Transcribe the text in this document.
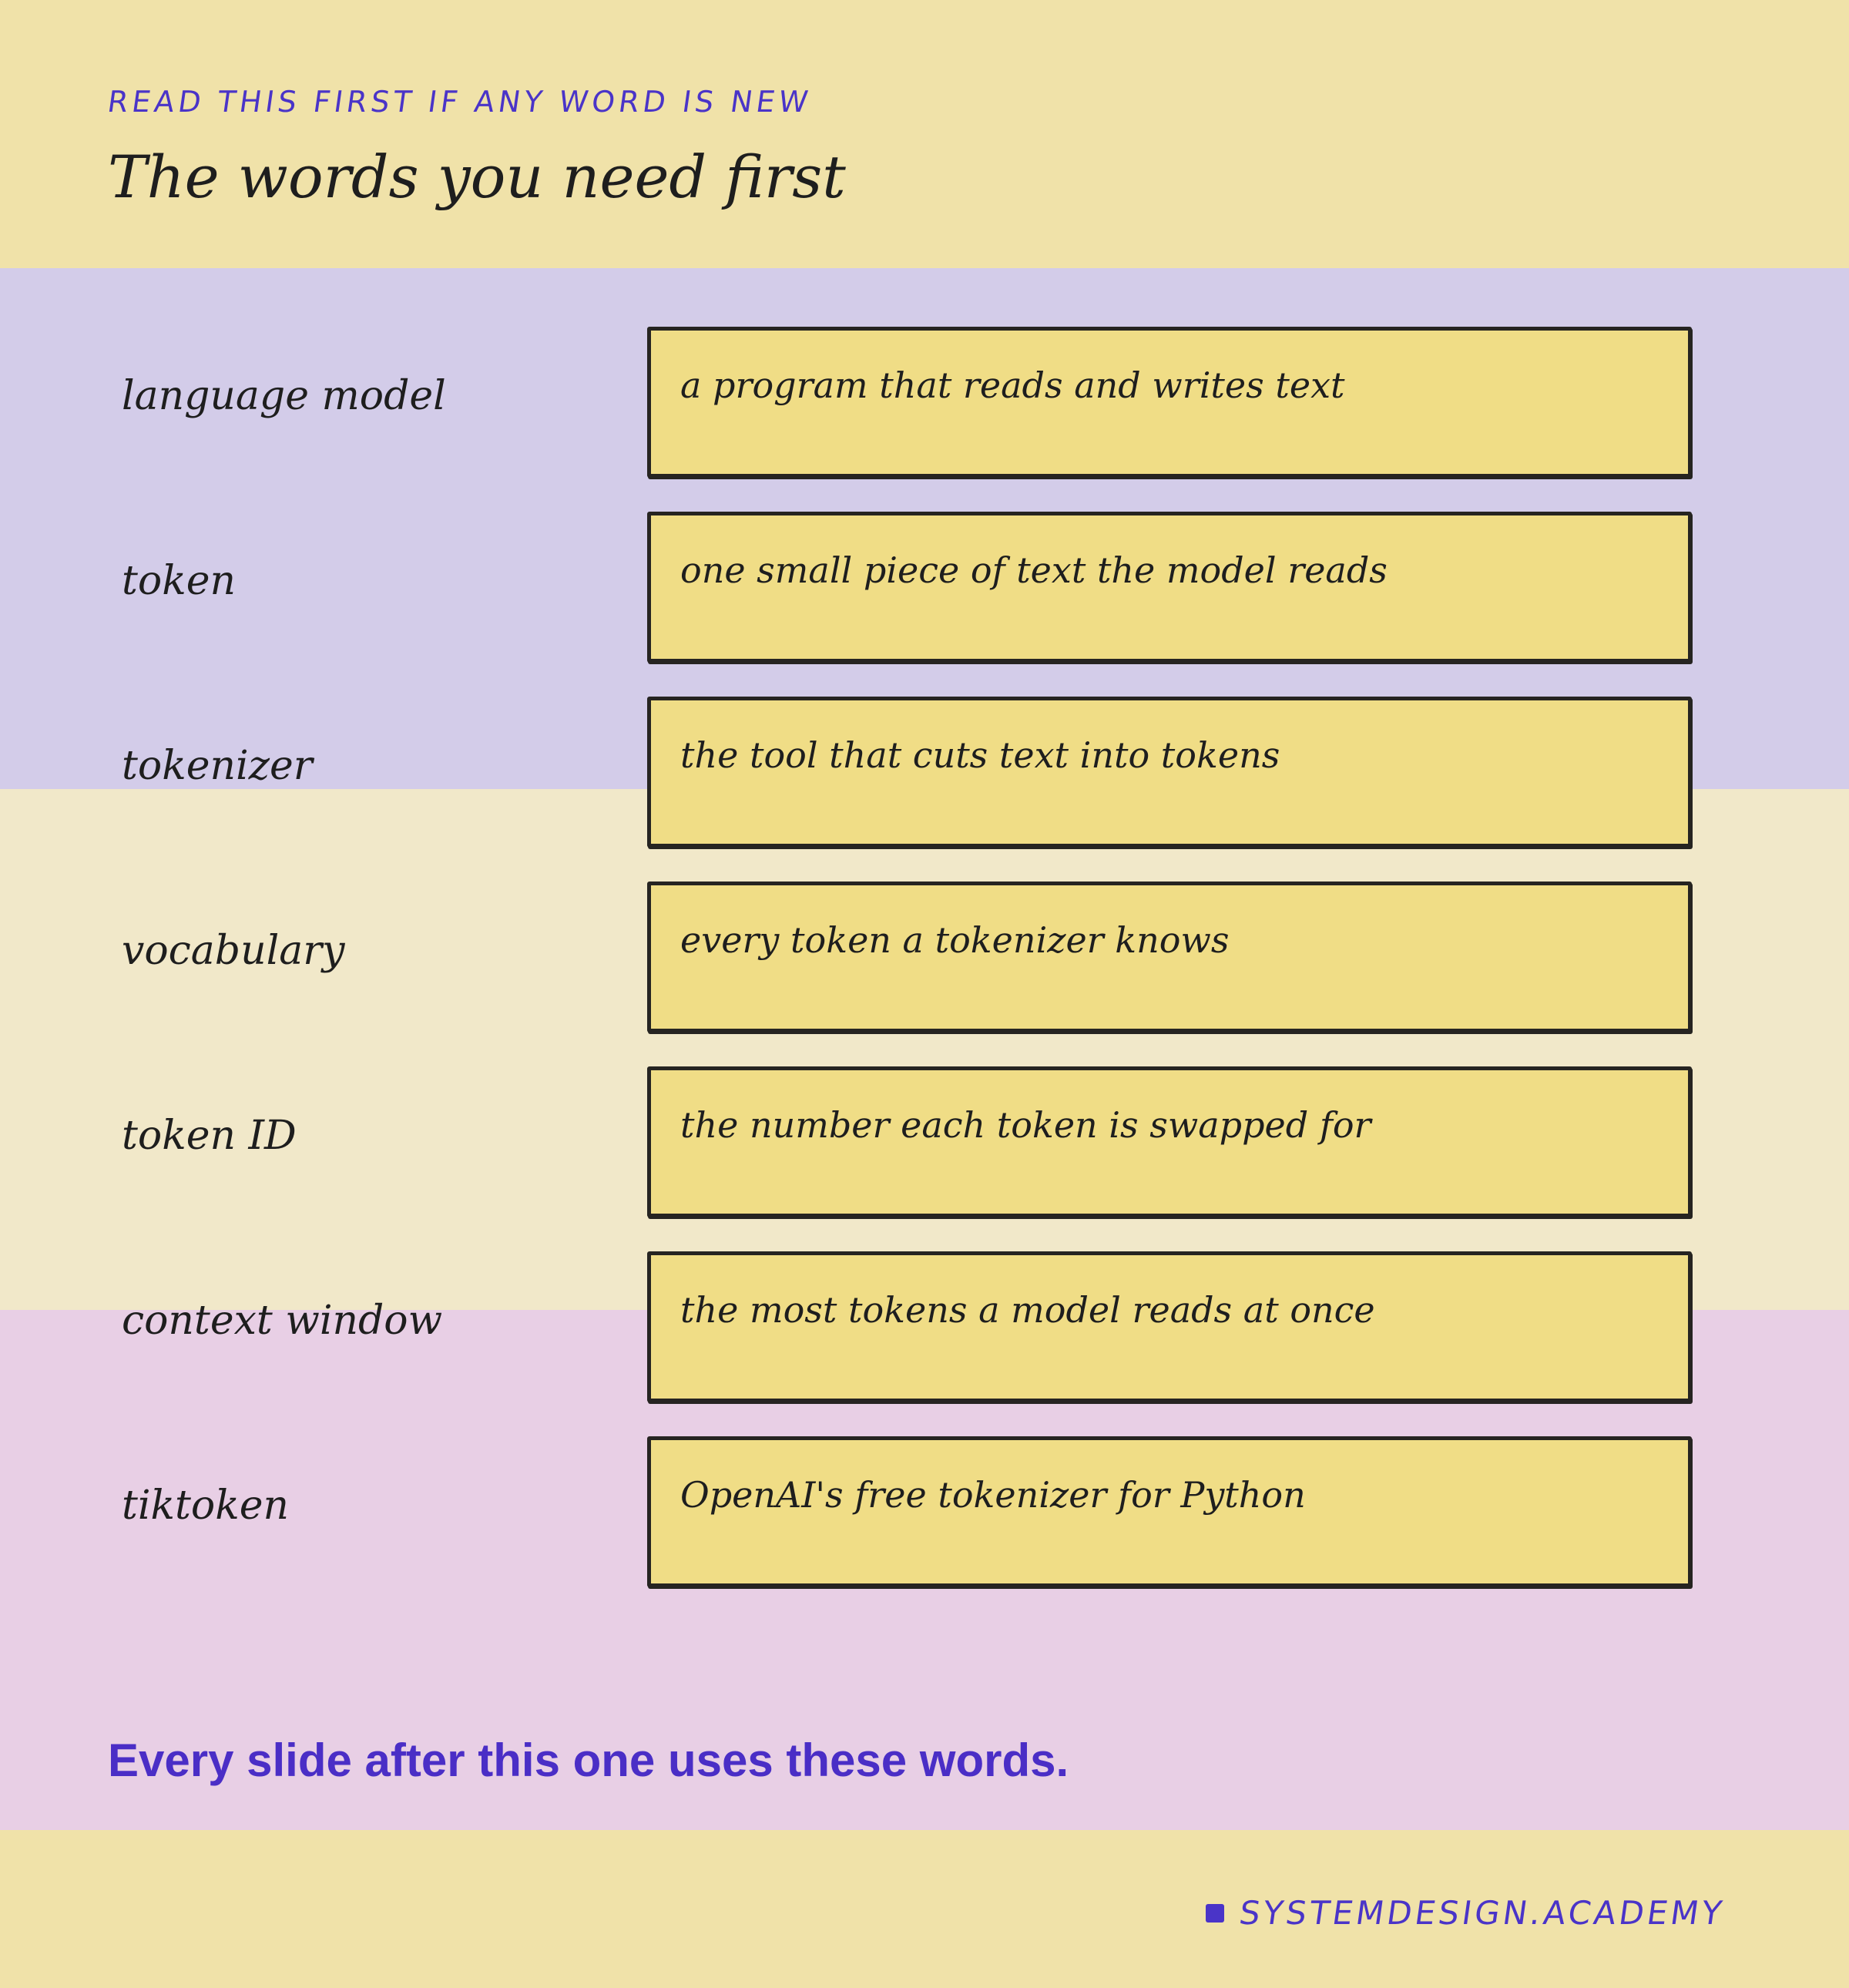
READ THIS FIRST IF ANY WORD IS NEW
The words you need first
language model	a program that reads and writes text
token	one small piece of text the model reads
tokenizer	the tool that cuts text into tokens
vocabulary	every token a tokenizer knows
token ID	the number each token is swapped for
context window	the most tokens a model reads at once
tiktoken	OpenAI's free tokenizer for Python
Every slide after this one uses these words.
SYSTEMDESIGN.ACADEMY
